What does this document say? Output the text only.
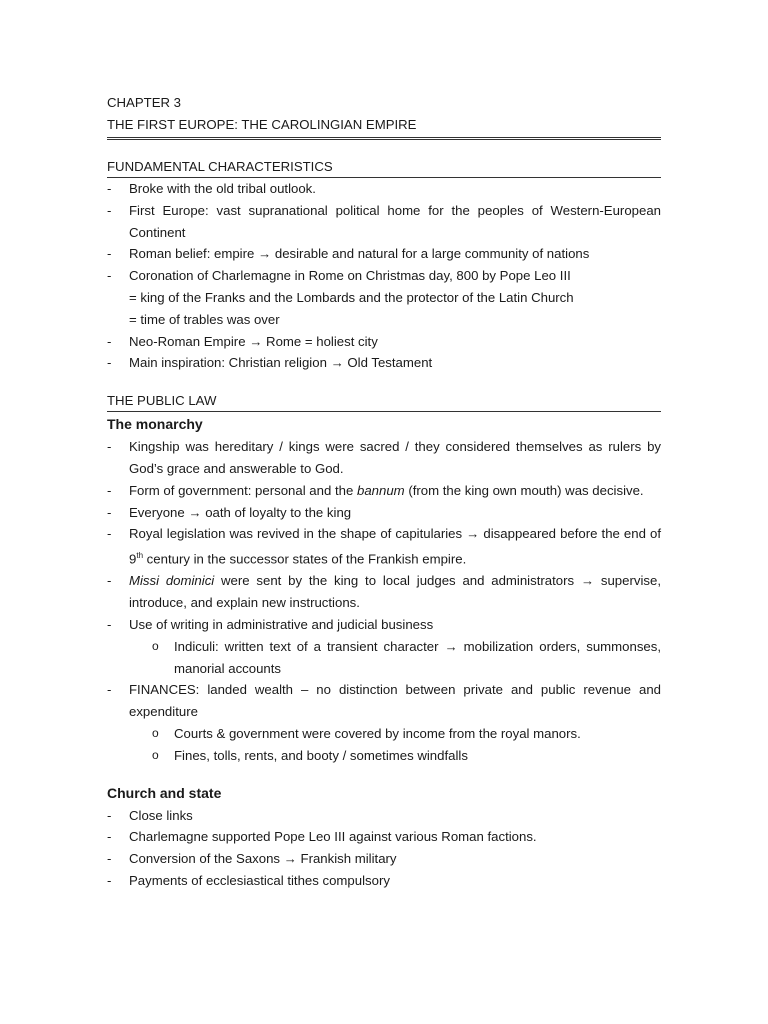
CHAPTER 3
THE FIRST EUROPE: THE CAROLINGIAN EMPIRE
FUNDAMENTAL CHARACTERISTICS
- Broke with the old tribal outlook.
- First Europe: vast supranational political home for the peoples of Western-European Continent
- Roman belief: empire → desirable and natural for a large community of nations
- Coronation of Charlemagne in Rome on Christmas day, 800 by Pope Leo III
= king of the Franks and the Lombards and the protector of the Latin Church
= time of trables was over
- Neo-Roman Empire → Rome = holiest city
- Main inspiration: Christian religion → Old Testament
THE PUBLIC LAW
The monarchy
- Kingship was hereditary / kings were sacred / they considered themselves as rulers by God’s grace and answerable to God.
- Form of government: personal and the bannum (from the king own mouth) was decisive.
- Everyone → oath of loyalty to the king
- Royal legislation was revived in the shape of capitularies → disappeared before the end of 9th century in the successor states of the Frankish empire.
- Missi dominici were sent by the king to local judges and administrators → supervise, introduce, and explain new instructions.
- Use of writing in administrative and judicial business
o Indiculi: written text of a transient character → mobilization orders, summonses, manorial accounts
- FINANCES: landed wealth – no distinction between private and public revenue and expenditure
o Courts & government were covered by income from the royal manors.
o Fines, tolls, rents, and booty / sometimes windfalls
Church and state
- Close links
- Charlemagne supported Pope Leo III against various Roman factions.
- Conversion of the Saxons → Frankish military
- Payments of ecclesiastical tithes compulsory
